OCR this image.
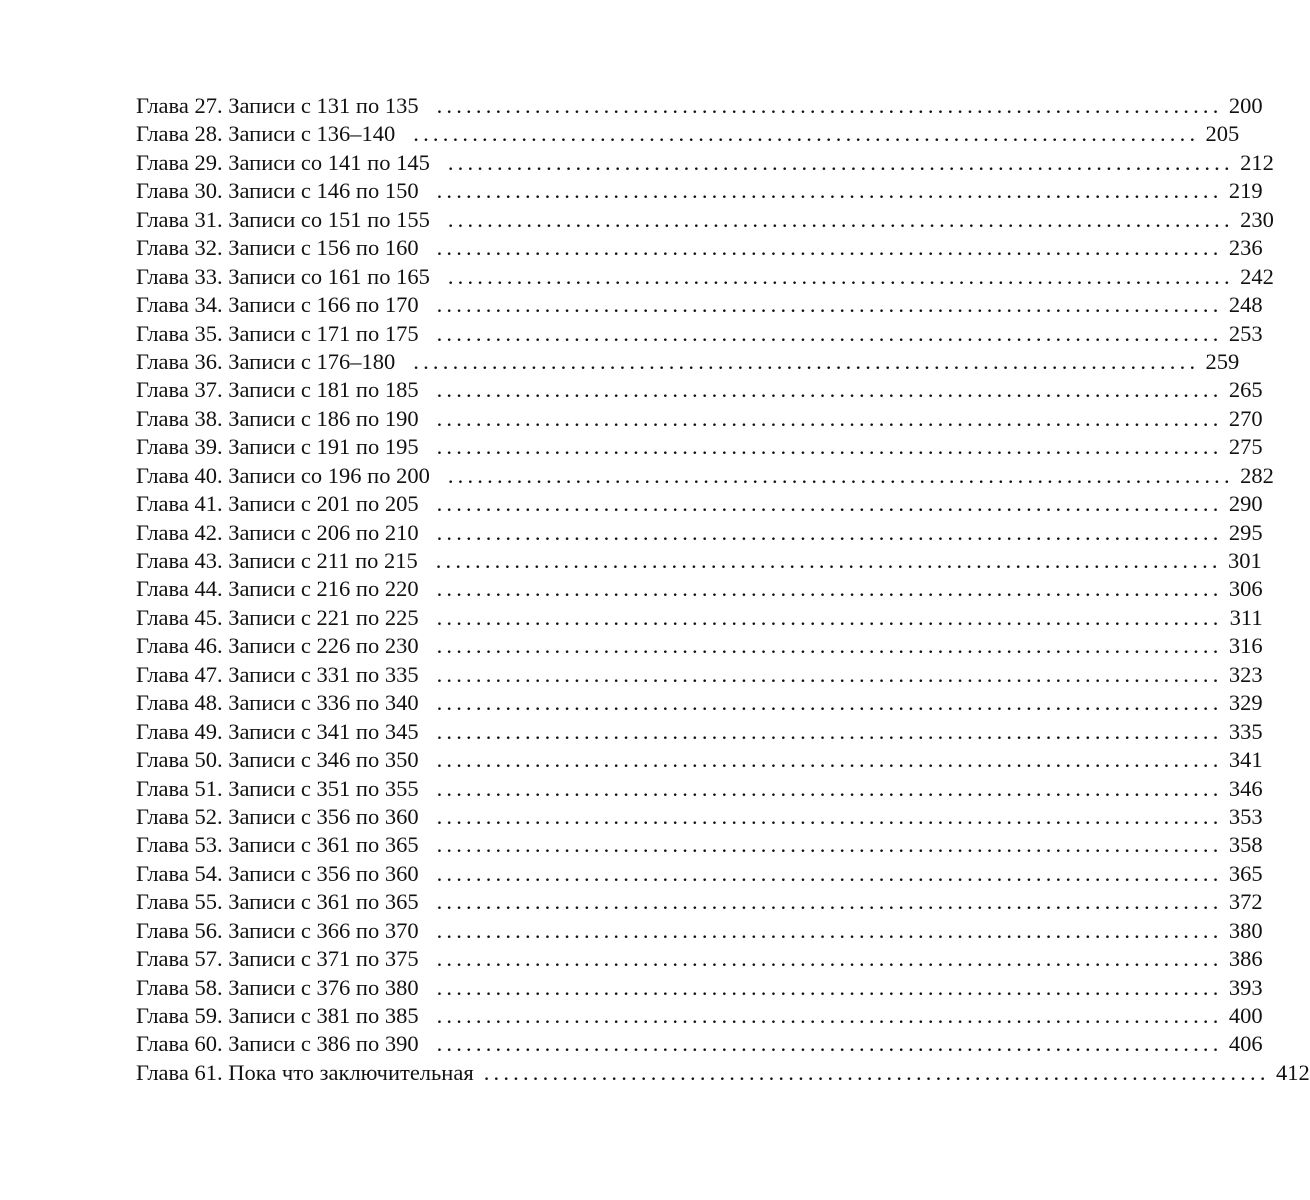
Глава 27. Записи с 131 по 135 ................................................................................ 200
Глава 28. Записи с 136–140 ................................................................................ 205
Глава 29. Записи со 141 по 145 ................................................................................ 212
Глава 30. Записи с 146 по 150 ................................................................................ 219
Глава 31. Записи со 151 по 155 ................................................................................ 230
Глава 32. Записи с 156 по 160 ................................................................................ 236
Глава 33. Записи со 161 по 165 ................................................................................ 242
Глава 34. Записи с 166 по 170 ................................................................................ 248
Глава 35. Записи с 171 по 175 ................................................................................ 253
Глава 36. Записи с 176–180 ................................................................................ 259
Глава 37. Записи с 181 по 185 ................................................................................ 265
Глава 38. Записи с 186 по 190 ................................................................................ 270
Глава 39. Записи с 191 по 195 ................................................................................ 275
Глава 40. Записи со 196 по 200 ................................................................................ 282
Глава 41. Записи с 201 по 205 ................................................................................ 290
Глава 42. Записи с 206 по 210 ................................................................................ 295
Глава 43. Записи с 211 по 215 ................................................................................ 301
Глава 44. Записи с 216 по 220 ................................................................................ 306
Глава 45. Записи с 221 по 225 ................................................................................ 311
Глава 46. Записи с 226 по 230 ................................................................................ 316
Глава 47. Записи с 331 по 335 ................................................................................ 323
Глава 48. Записи с 336 по 340 ................................................................................ 329
Глава 49. Записи с 341 по 345 ................................................................................ 335
Глава 50. Записи с 346 по 350 ................................................................................ 341
Глава 51. Записи с 351 по 355 ................................................................................ 346
Глава 52. Записи с 356 по 360 ................................................................................ 353
Глава 53. Записи с 361 по 365 ................................................................................ 358
Глава 54. Записи с 356 по 360 ................................................................................ 365
Глава 55. Записи с 361 по 365 ................................................................................ 372
Глава 56. Записи с 366 по 370 ................................................................................ 380
Глава 57. Записи с 371 по 375 ................................................................................ 386
Глава 58. Записи с 376 по 380 ................................................................................ 393
Глава 59. Записи с 381 по 385 ................................................................................ 400
Глава 60. Записи с 386 по 390 ................................................................................ 406
Глава 61. Пока что заключительная ................................................................................ 412
